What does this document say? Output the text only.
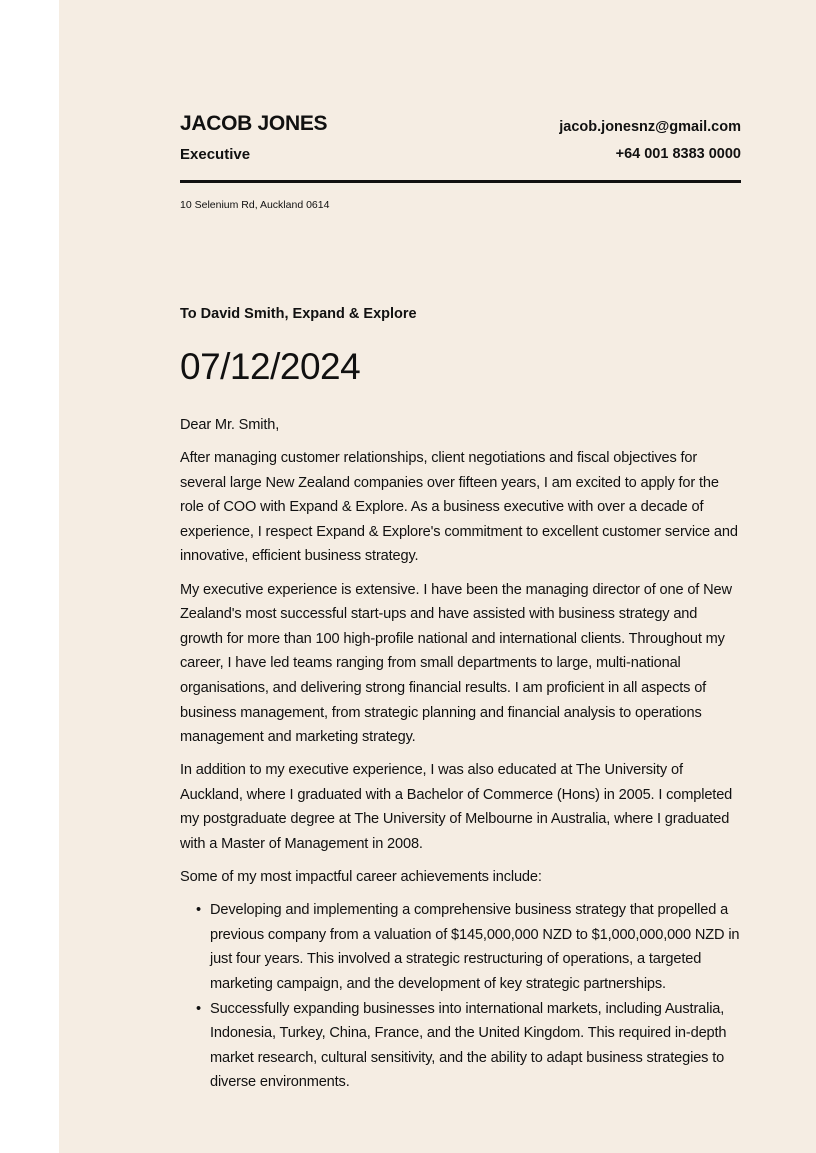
JACOB JONES
Executive
jacob.jonesnz@gmail.com
+64 001 8383 0000
10 Selenium Rd, Auckland 0614
To David Smith, Expand & Explore
07/12/2024

Dear Mr. Smith,

After managing customer relationships, client negotiations and fiscal objectives for several large New Zealand companies over fifteen years, I am excited to apply for the role of COO with Expand & Explore. As a business executive with over a decade of experience, I respect Expand & Explore's commitment to excellent customer service and innovative, efficient business strategy.

My executive experience is extensive. I have been the managing director of one of New Zealand's most successful start-ups and have assisted with business strategy and growth for more than 100 high-profile national and international clients. Throughout my career, I have led teams ranging from small departments to large, multi-national organisations, and delivering strong financial results. I am proficient in all aspects of business management, from strategic planning and financial analysis to operations management and marketing strategy.

In addition to my executive experience, I was also educated at The University of Auckland, where I graduated with a Bachelor of Commerce (Hons) in 2005. I completed my postgraduate degree at The University of Melbourne in Australia, where I graduated with a Master of Management in 2008.

Some of my most impactful career achievements include:

• Developing and implementing a comprehensive business strategy that propelled a previous company from a valuation of $145,000,000 NZD to $1,000,000,000 NZD in just four years. This involved a strategic restructuring of operations, a targeted marketing campaign, and the development of key strategic partnerships.
• Successfully expanding businesses into international markets, including Australia, Indonesia, Turkey, China, France, and the United Kingdom. This required in-depth market research, cultural sensitivity, and the ability to adapt business strategies to diverse environments.
